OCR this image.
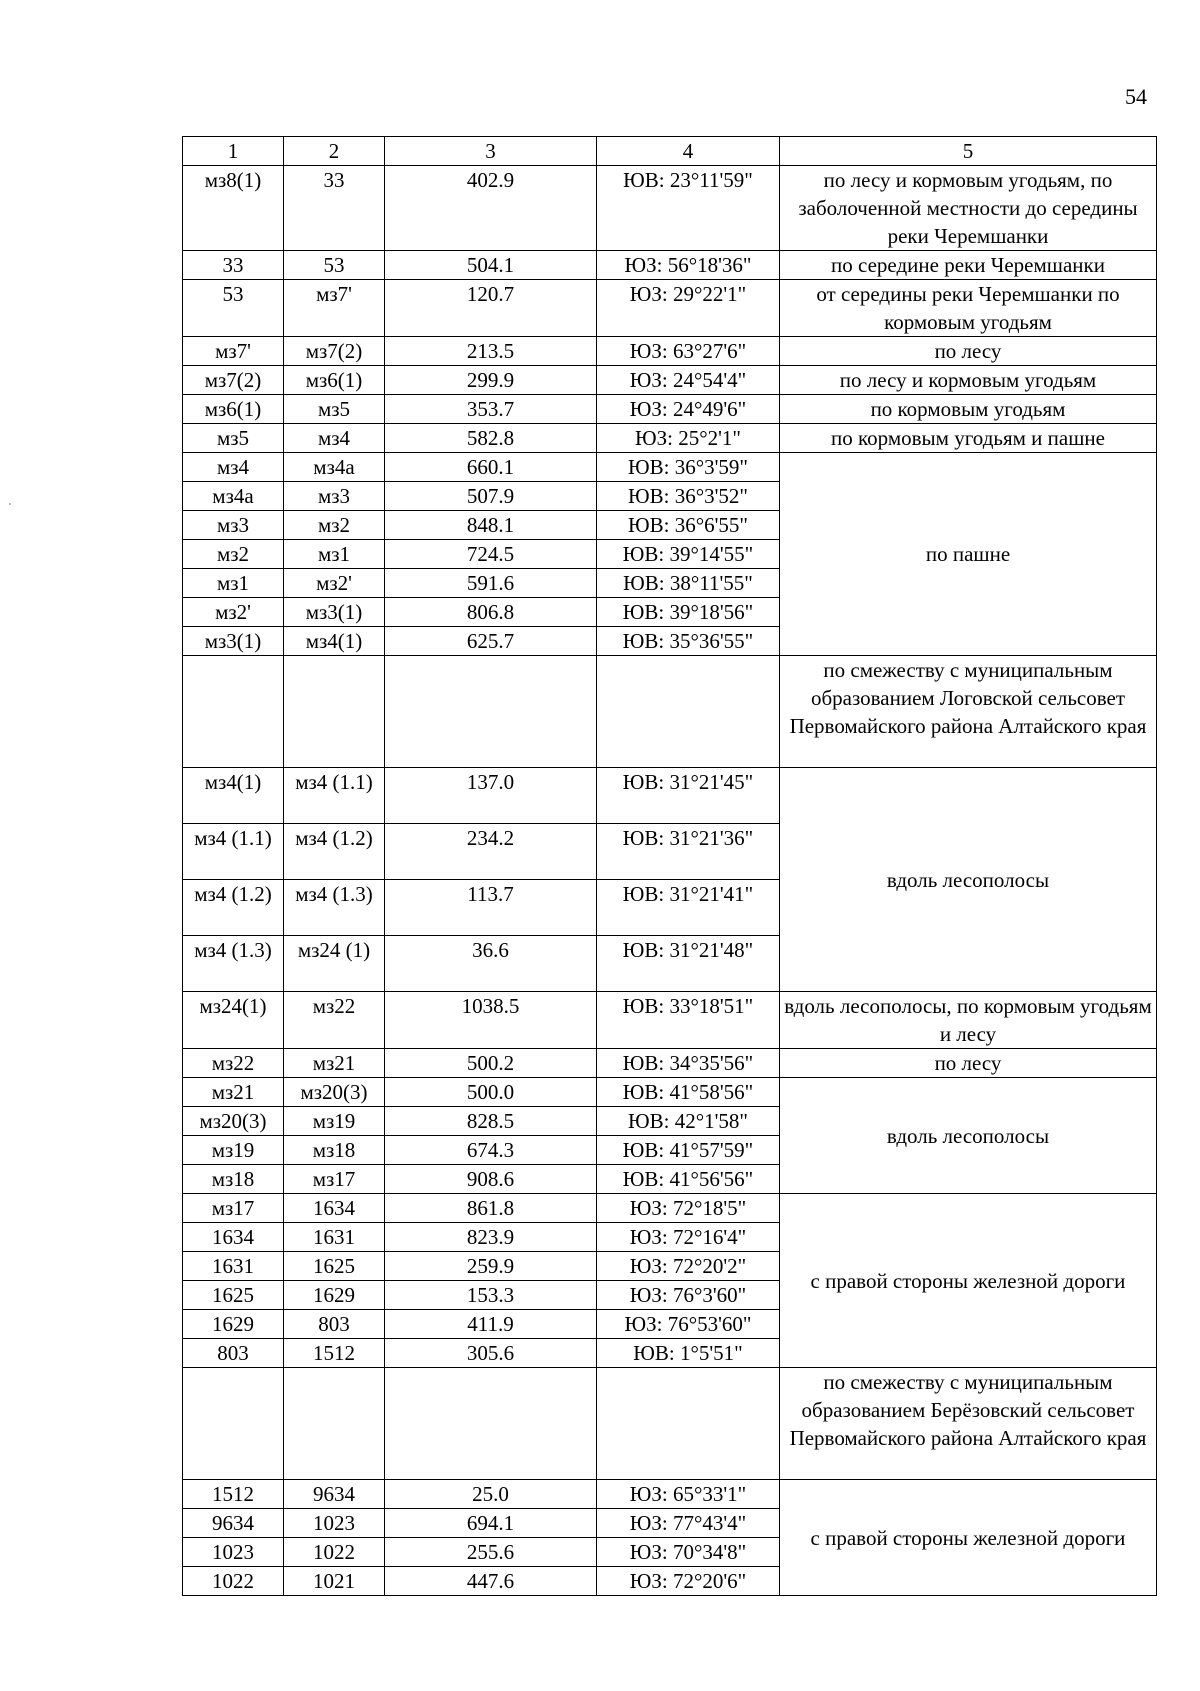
54
1	2	3	4	5
мз8(1)	33	402.9	ЮВ: 23°11'59"	по лесу и кормовым угодьям, по заболоченной местности до середины реки Черемшанки
33	53	504.1	ЮЗ: 56°18'36"	по середине реки Черемшанки
53	мз7'	120.7	ЮЗ: 29°22'1"	от середины реки Черемшанки по кормовым угодьям
мз7'	мз7(2)	213.5	ЮЗ: 63°27'6"	по лесу
мз7(2)	мз6(1)	299.9	ЮЗ: 24°54'4"	по лесу и кормовым угодьям
мз6(1)	мз5	353.7	ЮЗ: 24°49'6"	по кормовым угодьям
мз5	мз4	582.8	ЮЗ: 25°2'1"	по кормовым угодьям и пашне
мз4	мз4а	660.1	ЮВ: 36°3'59"	по пашне
мз4а	мз3	507.9	ЮВ: 36°3'52"	
мз3	мз2	848.1	ЮВ: 36°6'55"	
мз2	мз1	724.5	ЮВ: 39°14'55"	
мз1	мз2'	591.6	ЮВ: 38°11'55"	
мз2'	мз3(1)	806.8	ЮВ: 39°18'56"	
мз3(1)	мз4(1)	625.7	ЮВ: 35°36'55"	
				по смежеству с муниципальным образованием Логовской сельсовет Первомайского района Алтайского края
мз4(1)	мз4 (1.1)	137.0	ЮВ: 31°21'45"	вдоль лесополосы
мз4 (1.1)	мз4 (1.2)	234.2	ЮВ: 31°21'36"	
мз4 (1.2)	мз4 (1.3)	113.7	ЮВ: 31°21'41"	
мз4 (1.3)	мз24 (1)	36.6	ЮВ: 31°21'48"	
мз24(1)	мз22	1038.5	ЮВ: 33°18'51"	вдоль лесополосы, по кормовым угодьям и лесу
мз22	мз21	500.2	ЮВ: 34°35'56"	по лесу
мз21	мз20(3)	500.0	ЮВ: 41°58'56"	вдоль лесополосы
мз20(3)	мз19	828.5	ЮВ: 42°1'58"	
мз19	мз18	674.3	ЮВ: 41°57'59"	
мз18	мз17	908.6	ЮВ: 41°56'56"	
мз17	1634	861.8	ЮЗ: 72°18'5"	с правой стороны железной дороги
1634	1631	823.9	ЮЗ: 72°16'4"	
1631	1625	259.9	ЮЗ: 72°20'2"	
1625	1629	153.3	ЮЗ: 76°3'60"	
1629	803	411.9	ЮЗ: 76°53'60"	
803	1512	305.6	ЮВ: 1°5'51"	
				по смежеству с муниципальным образованием Берёзовский сельсовет Первомайского района Алтайского края
1512	9634	25.0	ЮЗ: 65°33'1"	с правой стороны железной дороги
9634	1023	694.1	ЮЗ: 77°43'4"	
1023	1022	255.6	ЮЗ: 70°34'8"	
1022	1021	447.6	ЮЗ: 72°20'6"	
